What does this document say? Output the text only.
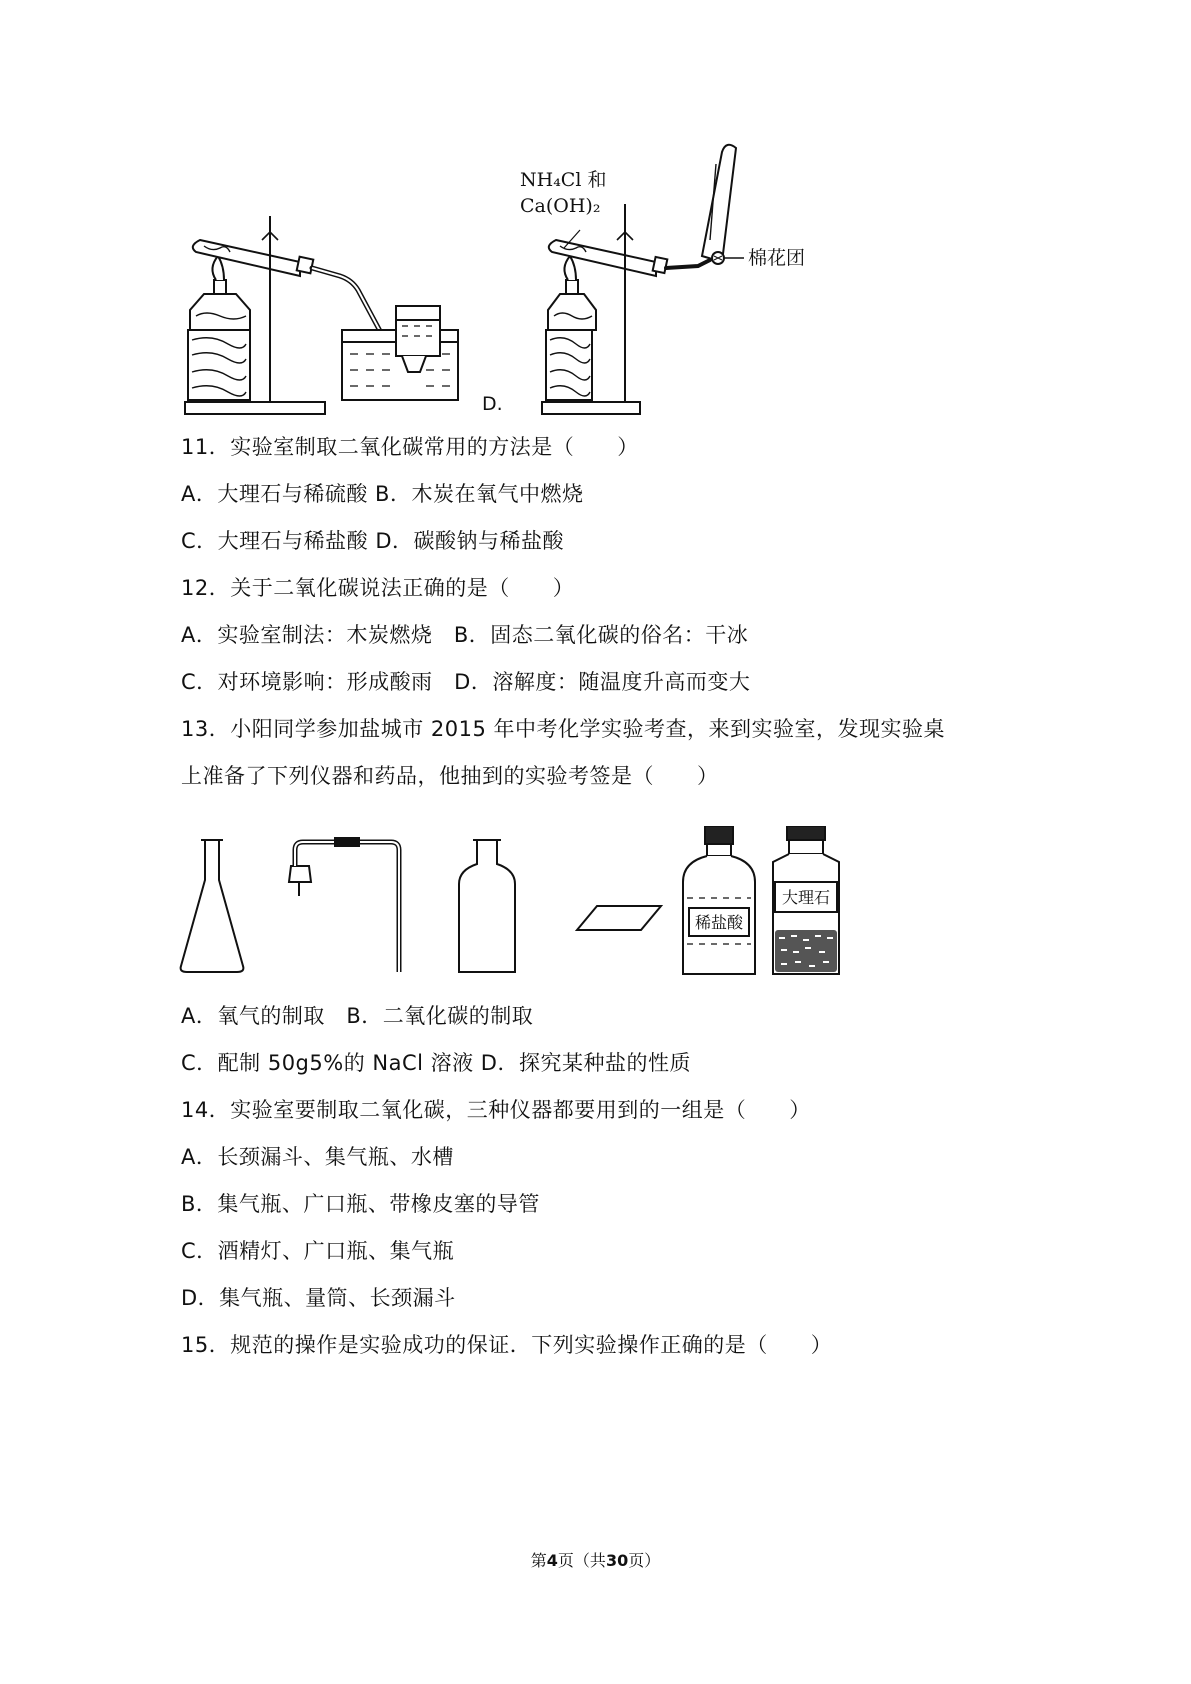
NH₄Cl 和
Ca(OH)₂
棉花团
D.
11．实验室制取二氧化碳常用的方法是（　　）
A．大理石与稀硫酸 B．木炭在氧气中燃烧
C．大理石与稀盐酸 D．碳酸钠与稀盐酸
12．关于二氧化碳说法正确的是（　　）
A．实验室制法：木炭燃烧　B．固态二氧化碳的俗名：干冰
C．对环境影响：形成酸雨　D．溶解度：随温度升高而变大
13．小阳同学参加盐城市 2015 年中考化学实验考查，来到实验室，发现实验桌
上准备了下列仪器和药品，他抽到的实验考签是（　　）
稀盐酸
大理石
A．氧气的制取　B．二氧化碳的制取
C．配制 50g5%的 NaCl 溶液 D．探究某种盐的性质
14．实验室要制取二氧化碳，三种仪器都要用到的一组是（　　）
A．长颈漏斗、集气瓶、水槽
B．集气瓶、广口瓶、带橡皮塞的导管
C．酒精灯、广口瓶、集气瓶
D．集气瓶、量筒、长颈漏斗
15．规范的操作是实验成功的保证．下列实验操作正确的是（　　）
第4页（共30页）
